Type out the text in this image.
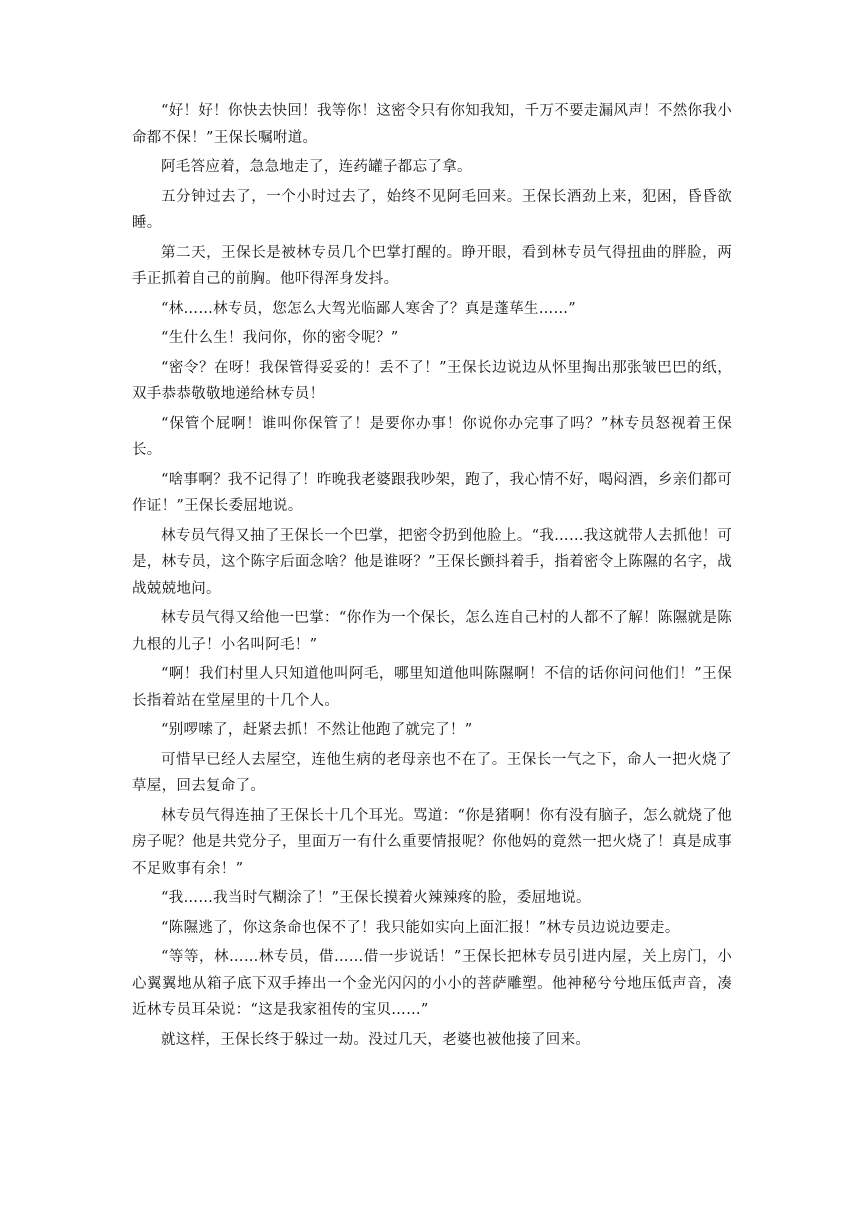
“好！好！你快去快回！我等你！这密令只有你知我知，千万不要走漏风声！不然你我小命都不保！”王保长嘱咐道。

阿毛答应着，急急地走了，连药罐子都忘了拿。

五分钟过去了，一个小时过去了，始终不见阿毛回来。王保长酒劲上来，犯困，昏昏欲睡。

第二天，王保长是被林专员几个巴掌打醒的。睁开眼，看到林专员气得扭曲的胖脸，两手正抓着自己的前胸。他吓得浑身发抖。

“林……林专员，您怎么大驾光临鄙人寒舍了？真是蓬荜生……”

“生什么生！我问你，你的密令呢？”

“密令？在呀！我保管得妥妥的！丢不了！”王保长边说边从怀里掏出那张皱巴巴的纸，双手恭恭敬敬地递给林专员！

“保管个屁啊！谁叫你保管了！是要你办事！你说你办完事了吗？”林专员怒视着王保长。

“啥事啊？我不记得了！昨晚我老婆跟我吵架，跑了，我心情不好，喝闷酒，乡亲们都可作证！”王保长委屈地说。

林专员气得又抽了王保长一个巴掌，把密令扔到他脸上。“我……我这就带人去抓他！可是，林专员，这个陈字后面念啥？他是谁呀？”王保长颤抖着手，指着密令上陈隰的名字，战战兢兢地问。

林专员气得又给他一巴掌：“你作为一个保长，怎么连自己村的人都不了解！陈隰就是陈九根的儿子！小名叫阿毛！”

“啊！我们村里人只知道他叫阿毛，哪里知道他叫陈隰啊！不信的话你问问他们！”王保长指着站在堂屋里的十几个人。

“别啰嗦了，赶紧去抓！不然让他跑了就完了！”

可惜早已经人去屋空，连他生病的老母亲也不在了。王保长一气之下，命人一把火烧了草屋，回去复命了。

林专员气得连抽了王保长十几个耳光。骂道：“你是猪啊！你有没有脑子，怎么就烧了他房子呢？他是共党分子，里面万一有什么重要情报呢？你他妈的竟然一把火烧了！真是成事不足败事有余！”

“我……我当时气糊涂了！”王保长摸着火辣辣疼的脸，委屈地说。

“陈隰逃了，你这条命也保不了！我只能如实向上面汇报！”林专员边说边要走。

“等等，林……林专员，借……借一步说话！”王保长把林专员引进内屋，关上房门，小心翼翼地从箱子底下双手捧出一个金光闪闪的小小的菩萨雕塑。他神秘兮兮地压低声音，凑近林专员耳朵说：“这是我家祖传的宝贝……”

就这样，王保长终于躲过一劫。没过几天，老婆也被他接了回来。
